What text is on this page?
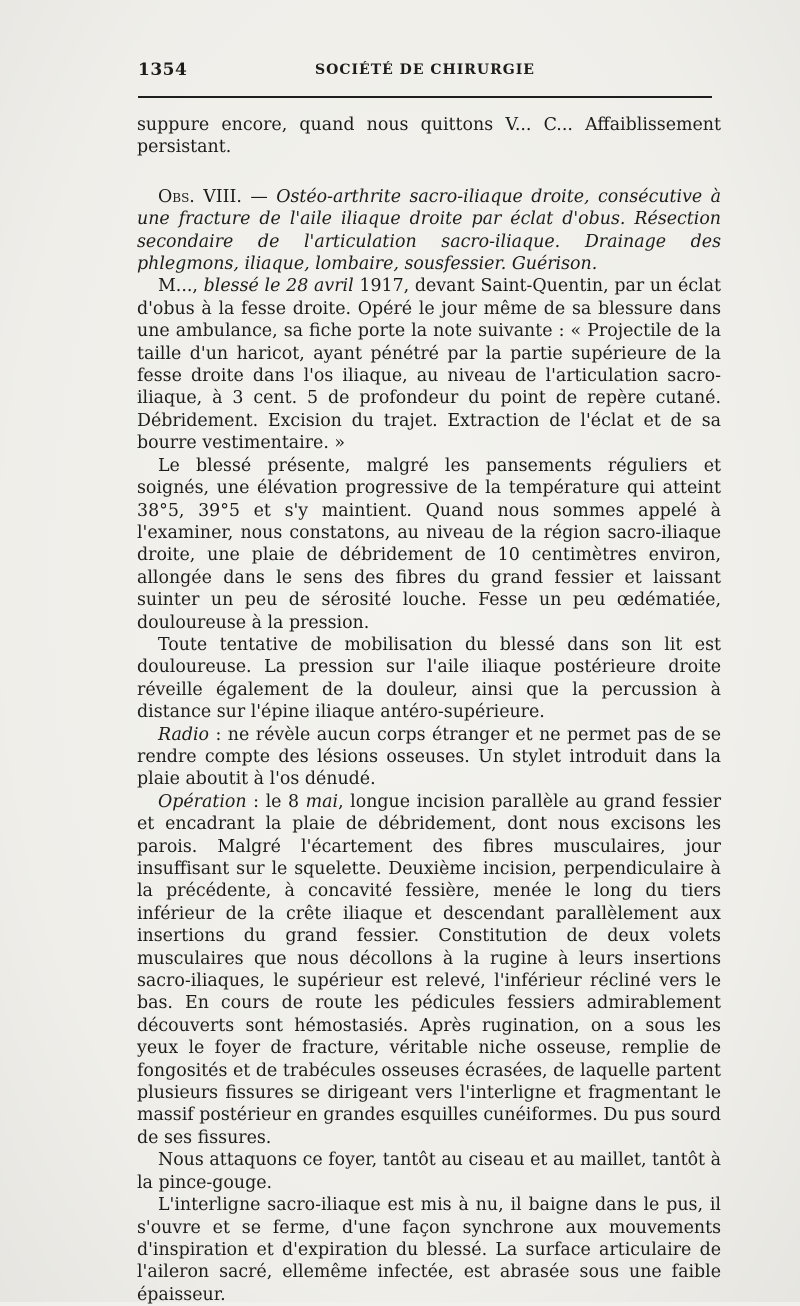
1354	SOCIÉTÉ DE CHIRURGIE

suppure encore, quand nous quittons V... C... Affaiblissement persistant.

Obs. VIII. — Ostéo-arthrite sacro-iliaque droite, consécutive à une fracture de l'aile iliaque droite par éclat d'obus. Résection secondaire de l'articulation sacro-iliaque. Drainage des phlegmons, iliaque, lombaire, sousfessier. Guérison.

M..., blessé le 28 avril 1917, devant Saint-Quentin, par un éclat d'obus à la fesse droite. Opéré le jour même de sa blessure dans une ambulance, sa fiche porte la note suivante : « Projectile de la taille d'un haricot, ayant pénétré par la partie supérieure de la fesse droite dans l'os iliaque, au niveau de l'articulation sacro-iliaque, à 3 cent. 5 de profondeur du point de repère cutané. Débridement. Excision du trajet. Extraction de l'éclat et de sa bourre vestimentaire. »

Le blessé présente, malgré les pansements réguliers et soignés, une élévation progressive de la température qui atteint 38°5, 39°5 et s'y maintient. Quand nous sommes appelé à l'examiner, nous constatons, au niveau de la région sacro-iliaque droite, une plaie de débridement de 10 centimètres environ, allongée dans le sens des fibres du grand fessier et laissant suinter un peu de sérosité louche. Fesse un peu œdématiée, douloureuse à la pression.

Toute tentative de mobilisation du blessé dans son lit est douloureuse. La pression sur l'aile iliaque postérieure droite réveille également de la douleur, ainsi que la percussion à distance sur l'épine iliaque antéro-supérieure.

Radio : ne révèle aucun corps étranger et ne permet pas de se rendre compte des lésions osseuses. Un stylet introduit dans la plaie aboutit à l'os dénudé.

Opération : le 8 mai, longue incision parallèle au grand fessier et encadrant la plaie de débridement, dont nous excisons les parois. Malgré l'écartement des fibres musculaires, jour insuffisant sur le squelette. Deuxième incision, perpendiculaire à la précédente, à concavité fessière, menée le long du tiers inférieur de la crête iliaque et descendant parallèlement aux insertions du grand fessier. Constitution de deux volets musculaires que nous décollons à la rugine à leurs insertions sacro-iliaques, le supérieur est relevé, l'inférieur récliné vers le bas. En cours de route les pédicules fessiers admirablement découverts sont hémostasiés. Après rugination, on a sous les yeux le foyer de fracture, véritable niche osseuse, remplie de fongosités et de trabécules osseuses écrasées, de laquelle partent plusieurs fissures se dirigeant vers l'interligne et fragmentant le massif postérieur en grandes esquilles cunéiformes. Du pus sourd de ses fissures.

Nous attaquons ce foyer, tantôt au ciseau et au maillet, tantôt à la pince-gouge.

L'interligne sacro-iliaque est mis à nu, il baigne dans le pus, il s'ouvre et se ferme, d'une façon synchrone aux mouvements d'inspiration et d'expiration du blessé. La surface articulaire de l'aileron sacré, ellemême infectée, est abrasée sous une faible épaisseur.
